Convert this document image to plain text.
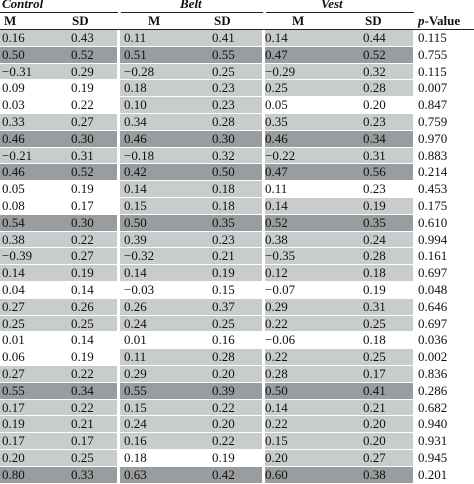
Control	Belt	Vest
M	SD	M	SD	M	SD	p-Value
0.16	0.43 0.11	0.41 0.14	0.44 0.115
0.50	0.52 0.51	0.55 0.47	0.52 0.755
−0.31	0.29 −0.28	0.25 −0.29	0.32 0.115
0.09	0.19 0.18	0.23 0.25	0.28 0.007
0.03	0.22 0.10	0.23 0.05	0.20 0.847
0.33	0.27 0.34	0.28 0.35	0.23 0.759
0.46	0.30 0.46	0.30 0.46	0.34 0.970
−0.21	0.31 −0.18	0.32 −0.22	0.31 0.883
0.46	0.52 0.42	0.50 0.47	0.56 0.214
0.05	0.19 0.14	0.18 0.11	0.23 0.453
0.08	0.17 0.15	0.18 0.14	0.19 0.175
0.54	0.30 0.50	0.35 0.52	0.35 0.610
0.38	0.22 0.39	0.23 0.38	0.24 0.994
−0.39	0.27 −0.32	0.21 −0.35	0.28 0.161
0.14	0.19 0.14	0.19 0.12	0.18 0.697
0.04	0.14 −0.03	0.15 −0.07	0.19 0.048
0.27	0.26 0.26	0.37 0.29	0.31 0.646
0.25	0.25 0.24	0.25 0.22	0.25 0.697
0.01	0.14 0.01	0.16 −0.06	0.18 0.036
0.06	0.19 0.11	0.28 0.22	0.25 0.002
0.27	0.22 0.29	0.20 0.28	0.17 0.836
0.55	0.34 0.55	0.39 0.50	0.41 0.286
0.17	0.22 0.15	0.22 0.14	0.21 0.682
0.19	0.21 0.24	0.20 0.22	0.20 0.940
0.17	0.17 0.16	0.22 0.15	0.20 0.931
0.20	0.25 0.18	0.19 0.20	0.27 0.945
0.80	0.33 0.63	0.42 0.60	0.38 0.201
